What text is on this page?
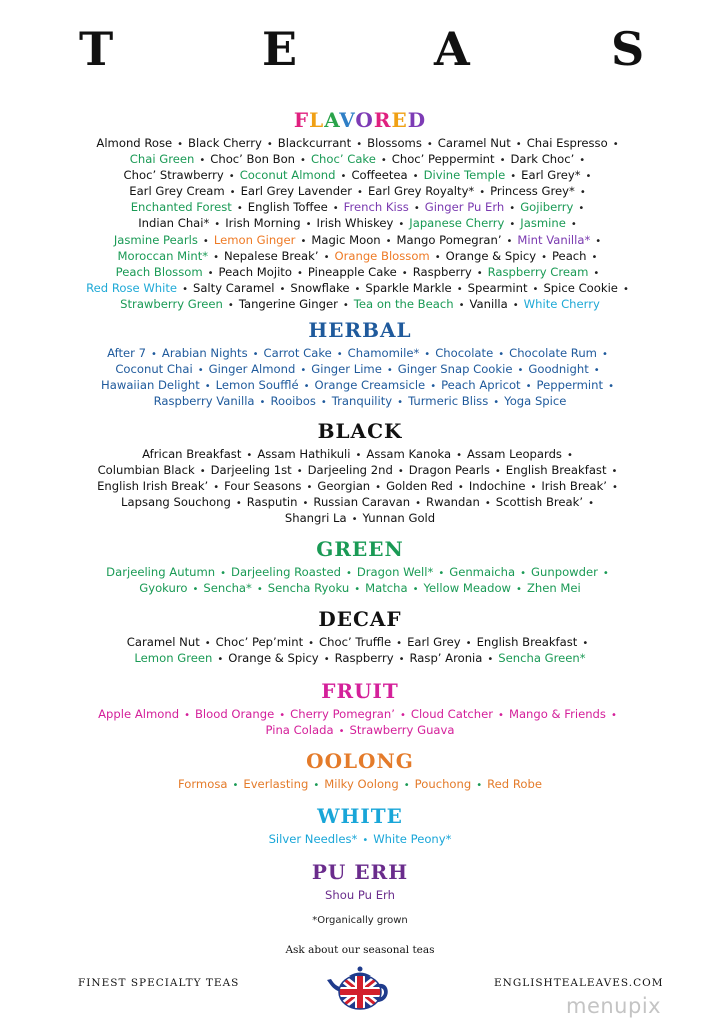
T	E	A	S
FLAVORED
Almond Rose • Black Cherry • Blackcurrant • Blossoms • Caramel Nut • Chai Espresso •
Chai Green • Choc’ Bon Bon • Choc’ Cake • Choc’ Peppermint • Dark Choc’ •
Choc’ Strawberry • Coconut Almond • Coffeetea • Divine Temple • Earl Grey* •
Earl Grey Cream • Earl Grey Lavender • Earl Grey Royalty* • Princess Grey* •
Enchanted Forest • English Toffee • French Kiss • Ginger Pu Erh • Gojiberry •
Indian Chai* • Irish Morning • Irish Whiskey • Japanese Cherry • Jasmine •
Jasmine Pearls • Lemon Ginger • Magic Moon • Mango Pomegran’ • Mint Vanilla* •
Moroccan Mint* • Nepalese Break’ • Orange Blossom • Orange & Spicy • Peach •
Peach Blossom • Peach Mojito • Pineapple Cake • Raspberry • Raspberry Cream •
Red Rose White • Salty Caramel • Snowflake • Sparkle Markle • Spearmint • Spice Cookie •
Strawberry Green • Tangerine Ginger • Tea on the Beach • Vanilla • White Cherry
HERBAL
After 7 • Arabian Nights • Carrot Cake • Chamomile* • Chocolate • Chocolate Rum •
Coconut Chai • Ginger Almond • Ginger Lime • Ginger Snap Cookie • Goodnight •
Hawaiian Delight • Lemon Soufflé • Orange Creamsicle • Peach Apricot • Peppermint •
Raspberry Vanilla • Rooibos • Tranquility • Turmeric Bliss • Yoga Spice
BLACK
African Breakfast • Assam Hathikuli • Assam Kanoka • Assam Leopards •
Columbian Black • Darjeeling 1st • Darjeeling 2nd • Dragon Pearls • English Breakfast •
English Irish Break’ • Four Seasons • Georgian • Golden Red • Indochine • Irish Break’ •
Lapsang Souchong • Rasputin • Russian Caravan • Rwandan • Scottish Break’ •
Shangri La • Yunnan Gold
GREEN
Darjeeling Autumn • Darjeeling Roasted • Dragon Well* • Genmaicha • Gunpowder •
Gyokuro • Sencha* • Sencha Ryoku • Matcha • Yellow Meadow • Zhen Mei
DECAF
Caramel Nut • Choc’ Pep’mint • Choc’ Truffle • Earl Grey • English Breakfast •
Lemon Green • Orange & Spicy • Raspberry • Rasp’ Aronia • Sencha Green*
FRUIT
Apple Almond • Blood Orange • Cherry Pomegran’ • Cloud Catcher • Mango & Friends •
Pina Colada • Strawberry Guava
OOLONG
Formosa • Everlasting • Milky Oolong • Pouchong • Red Robe
WHITE
Silver Needles* • White Peony*
PU ERH
Shou Pu Erh
*Organically grown
Ask about our seasonal teas
FINEST SPECIALTY TEAS	ENGLISHTEALEAVES.COM
menupix
